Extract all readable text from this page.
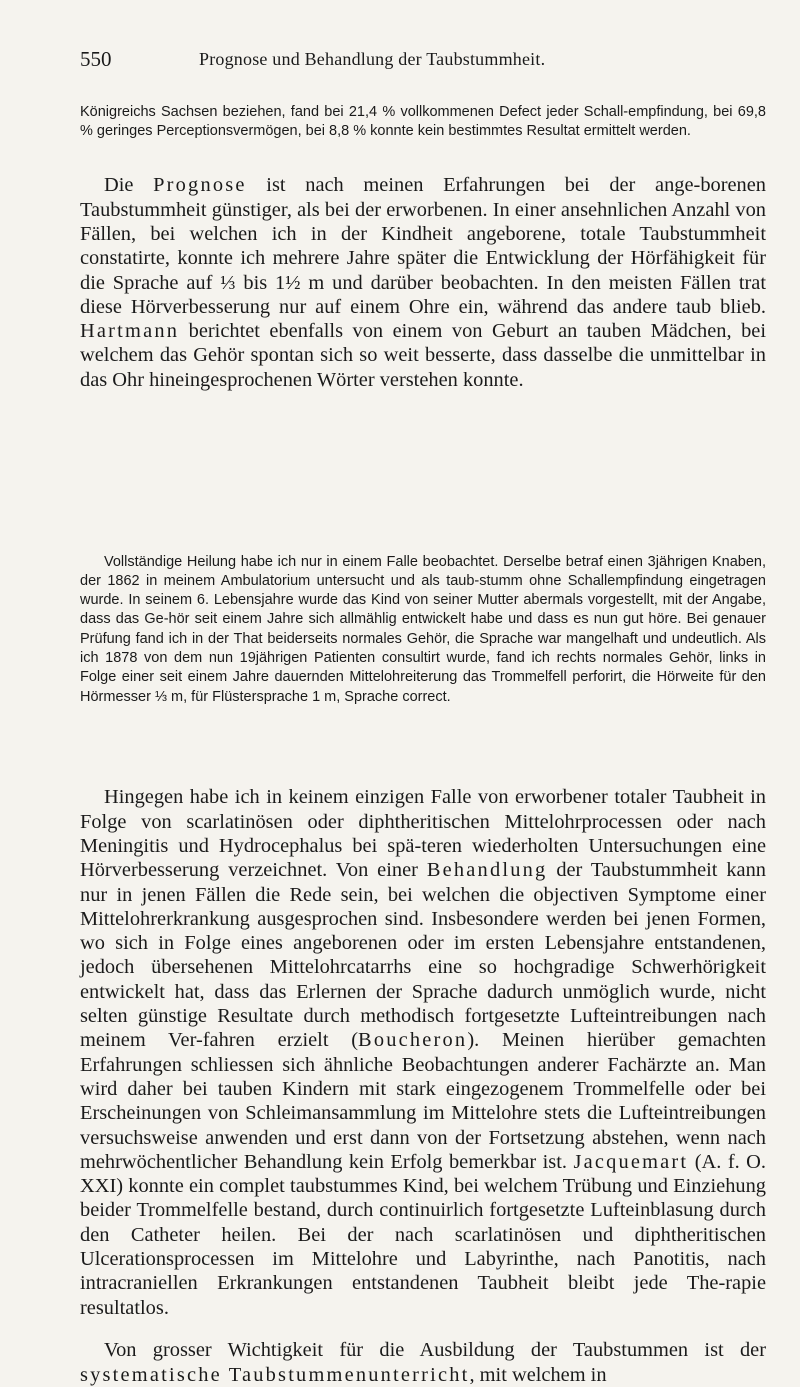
550	Prognose und Behandlung der Taubstummheit.

Königreichs Sachsen beziehen, fand bei 21,4 % vollkommenen Defect jeder Schall-empfindung, bei 69,8 % geringes Perceptionsvermögen, bei 8,8 % konnte kein bestimmtes Resultat ermittelt werden.

Die Prognose ist nach meinen Erfahrungen bei der ange-borenen Taubstummheit günstiger, als bei der erworbenen. In einer ansehnlichen Anzahl von Fällen, bei welchen ich in der Kindheit angeborene, totale Taubstummheit constatirte, konnte ich mehrere Jahre später die Entwicklung der Hörfähigkeit für die Sprache auf ⅓ bis 1½ m und darüber beobachten. In den meisten Fällen trat diese Hörverbesserung nur auf einem Ohre ein, während das andere taub blieb. Hartmann berichtet ebenfalls von einem von Geburt an tauben Mädchen, bei welchem das Gehör spontan sich so weit besserte, dass dasselbe die unmittelbar in das Ohr hineingesprochenen Wörter verstehen konnte.

Vollständige Heilung habe ich nur in einem Falle beobachtet. Derselbe betraf einen 3jährigen Knaben, der 1862 in meinem Ambulatorium untersucht und als taub-stumm ohne Schallempfindung eingetragen wurde. In seinem 6. Lebensjahre wurde das Kind von seiner Mutter abermals vorgestellt, mit der Angabe, dass das Ge-hör seit einem Jahre sich allmählig entwickelt habe und dass es nun gut höre. Bei genauer Prüfung fand ich in der That beiderseits normales Gehör, die Sprache war mangelhaft und undeutlich. Als ich 1878 von dem nun 19jährigen Patienten consultirt wurde, fand ich rechts normales Gehör, links in Folge einer seit einem Jahre dauernden Mittelohreiterung das Trommelfell perforirt, die Hörweite für den Hörmesser ⅓ m, für Flüstersprache 1 m, Sprache correct.

Hingegen habe ich in keinem einzigen Falle von erworbener totaler Taubheit in Folge von scarlatinösen oder diphtheritischen Mittelohrprocessen oder nach Meningitis und Hydrocephalus bei spä-teren wiederholten Untersuchungen eine Hörverbesserung verzeichnet. Von einer Behandlung der Taubstummheit kann nur in jenen Fällen die Rede sein, bei welchen die objectiven Symptome einer Mittelohrerkrankung ausgesprochen sind. Insbesondere werden bei jenen Formen, wo sich in Folge eines angeborenen oder im ersten Lebensjahre entstandenen, jedoch übersehenen Mittelohrcatarrhs eine so hochgradige Schwerhörigkeit entwickelt hat, dass das Erlernen der Sprache dadurch unmöglich wurde, nicht selten günstige Resultate durch methodisch fortgesetzte Lufteintreibungen nach meinem Ver-fahren erzielt (Boucheron). Meinen hierüber gemachten Erfahrungen schliessen sich ähnliche Beobachtungen anderer Fachärzte an. Man wird daher bei tauben Kindern mit stark eingezogenem Trommelfelle oder bei Erscheinungen von Schleimansammlung im Mittelohre stets die Lufteintreibungen versuchsweise anwenden und erst dann von der Fortsetzung abstehen, wenn nach mehrwöchentlicher Behandlung kein Erfolg bemerkbar ist. Jacquemart (A. f. O. XXI) konnte ein complet taubstummes Kind, bei welchem Trübung und Einziehung beider Trommelfelle bestand, durch continuirlich fortgesetzte Lufteinblasung durch den Catheter heilen. Bei der nach scarlatinösen und diphtheritischen Ulcerationsprocessen im Mittelohre und Labyrinthe, nach Panotitis, nach intracraniellen Erkrankungen entstandenen Taubheit bleibt jede The-rapie resultatlos.

Von grosser Wichtigkeit für die Ausbildung der Taubstummen ist der systematische Taubstummenunterricht, mit welchem in
